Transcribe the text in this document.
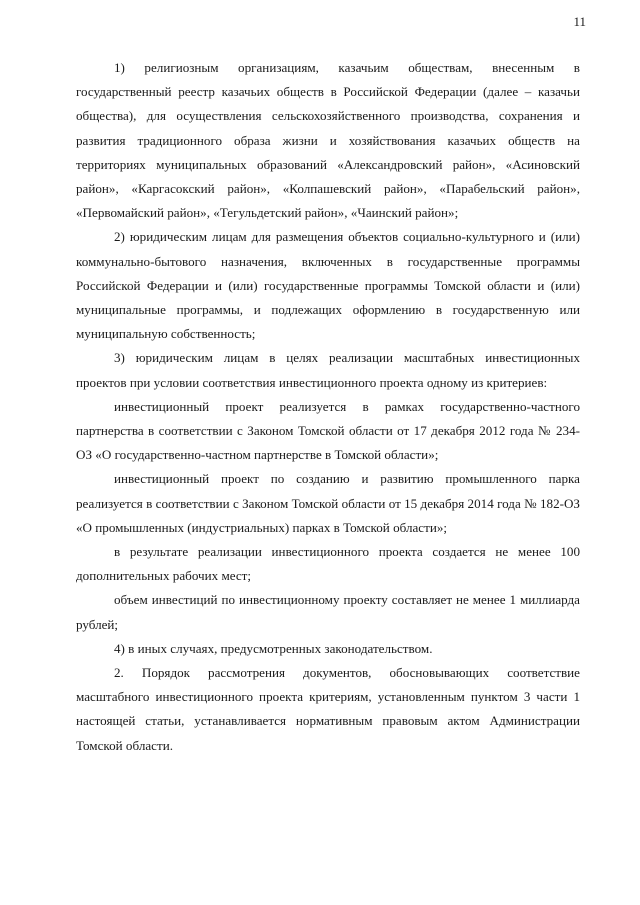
11

1) религиозным организациям, казачьим обществам, внесенным в государственный реестр казачьих обществ в Российской Федерации (далее – казачьи общества), для осуществления сельскохозяйственного производства, сохранения и развития традиционного образа жизни и хозяйствования казачьих обществ на территориях муниципальных образований «Александровский район», «Асиновский район», «Каргасокский район», «Колпашевский район», «Парабельский район», «Первомайский район», «Тегульдетский район», «Чаинский район»;

2) юридическим лицам для размещения объектов социально-культурного и (или) коммунально-бытового назначения, включенных в государственные программы Российской Федерации и (или) государственные программы Томской области и (или) муниципальные программы, и подлежащих оформлению в государственную или муниципальную собственность;

3) юридическим лицам в целях реализации масштабных инвестиционных проектов при условии соответствия инвестиционного проекта одному из критериев:

инвестиционный проект реализуется в рамках государственно-частного партнерства в соответствии с Законом Томской области от 17 декабря 2012 года № 234-ОЗ «О государственно-частном партнерстве в Томской области»;

инвестиционный проект по созданию и развитию промышленного парка реализуется в соответствии с Законом Томской области от 15 декабря 2014 года № 182-ОЗ «О промышленных (индустриальных) парках в Томской области»;

в результате реализации инвестиционного проекта создается не менее 100 дополнительных рабочих мест;

объем инвестиций по инвестиционному проекту составляет не менее 1 миллиарда рублей;

4) в иных случаях, предусмотренных законодательством.

2. Порядок рассмотрения документов, обосновывающих соответствие масштабного инвестиционного проекта критериям, установленным пунктом 3 части 1 настоящей статьи, устанавливается нормативным правовым актом Администрации Томской области.
